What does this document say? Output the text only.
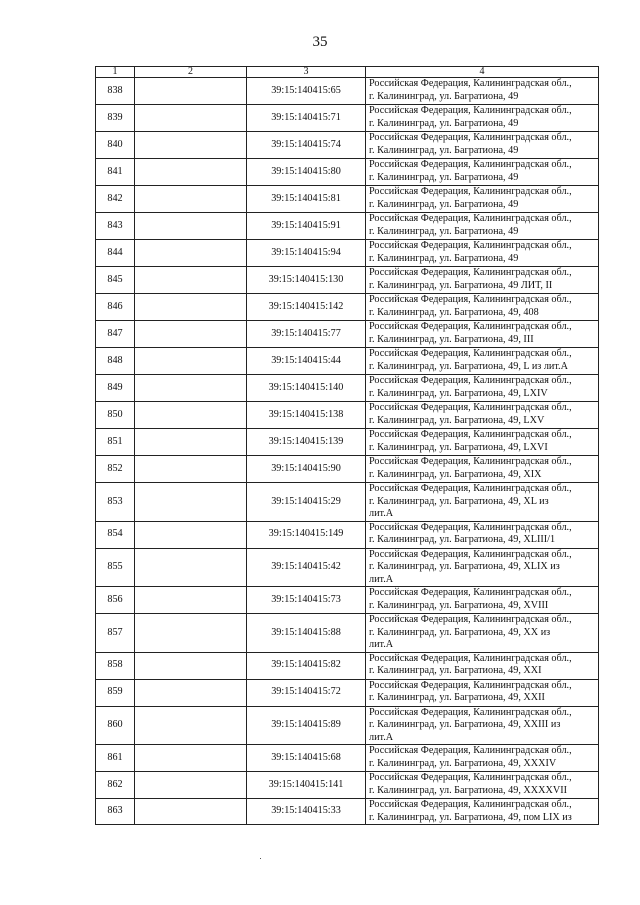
35
1	2	3	4
838		39:15:140415:65	Российская Федерация, Калининградская обл.,
г. Калининград, ул. Багратиона, 49
839		39:15:140415:71	Российская Федерация, Калининградская обл.,
г. Калининград, ул. Багратиона, 49
840		39:15:140415:74	Российская Федерация, Калининградская обл.,
г. Калининград, ул. Багратиона, 49
841		39:15:140415:80	Российская Федерация, Калининградская обл.,
г. Калининград, ул. Багратиона, 49
842		39:15:140415:81	Российская Федерация, Калининградская обл.,
г. Калининград, ул. Багратиона, 49
843		39:15:140415:91	Российская Федерация, Калининградская обл.,
г. Калининград, ул. Багратиона, 49
844		39:15:140415:94	Российская Федерация, Калининградская обл.,
г. Калининград, ул. Багратиона, 49
845		39:15:140415:130	Российская Федерация, Калининградская обл.,
г. Калининград, ул. Багратиона, 49 ЛИТ, II
846		39:15:140415:142	Российская Федерация, Калининградская обл.,
г. Калининград, ул. Багратиона, 49, 408
847		39:15:140415:77	Российская Федерация, Калининградская обл.,
г. Калининград, ул. Багратиона, 49, III
848		39:15:140415:44	Российская Федерация, Калининградская обл.,
г. Калининград, ул. Багратиона, 49, L из лит.А
849		39:15:140415:140	Российская Федерация, Калининградская обл.,
г. Калининград, ул. Багратиона, 49, LXIV
850		39:15:140415:138	Российская Федерация, Калининградская обл.,
г. Калининград, ул. Багратиона, 49, LXV
851		39:15:140415:139	Российская Федерация, Калининградская обл.,
г. Калининград, ул. Багратиона, 49, LXVI
852		39:15:140415:90	Российская Федерация, Калининградская обл.,
г. Калининград, ул. Багратиона, 49, XIX
853		39:15:140415:29	Российская Федерация, Калининградская обл.,
г. Калининград, ул. Багратиона, 49, XL из
лит.А
854		39:15:140415:149	Российская Федерация, Калининградская обл.,
г. Калининград, ул. Багратиона, 49, XLIII/1
855		39:15:140415:42	Российская Федерация, Калининградская обл.,
г. Калининград, ул. Багратиона, 49, XLIX из
лит.А
856		39:15:140415:73	Российская Федерация, Калининградская обл.,
г. Калининград, ул. Багратиона, 49, XVIII
857		39:15:140415:88	Российская Федерация, Калининградская обл.,
г. Калининград, ул. Багратиона, 49, XX из
лит.А
858		39:15:140415:82	Российская Федерация, Калининградская обл.,
г. Калининград, ул. Багратиона, 49, XXI
859		39:15:140415:72	Российская Федерация, Калининградская обл.,
г. Калининград, ул. Багратиона, 49, XXII
860		39:15:140415:89	Российская Федерация, Калининградская обл.,
г. Калининград, ул. Багратиона, 49, XXIII из
лит.А
861		39:15:140415:68	Российская Федерация, Калининградская обл.,
г. Калининград, ул. Багратиона, 49, XXXIV
862		39:15:140415:141	Российская Федерация, Калининградская обл.,
г. Калининград, ул. Багратиона, 49, XXXXVII
863		39:15:140415:33	Российская Федерация, Калининградская обл.,
г. Калининград, ул. Багратиона, 49, пом LIX из
